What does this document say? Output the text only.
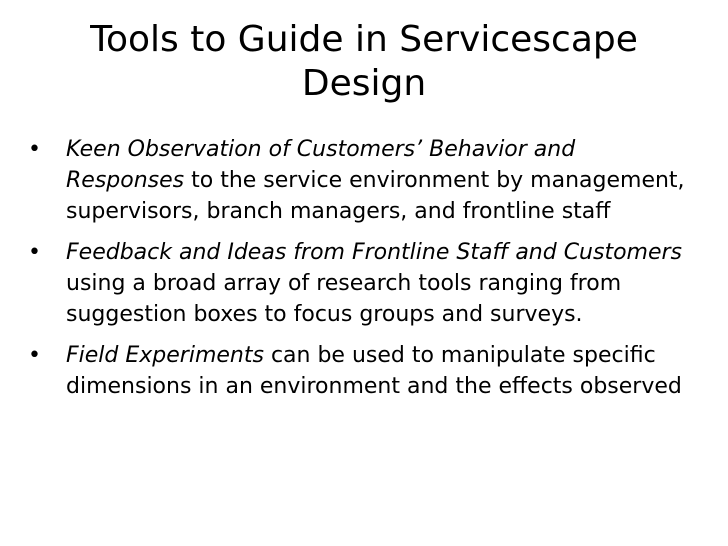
Tools to Guide in Servicescape Design
• Keen Observation of Customers’ Behavior and Responses to the service environment by management, supervisors, branch managers, and frontline staff
• Feedback and Ideas from Frontline Staff and Customers using a broad array of research tools ranging from suggestion boxes to focus groups and surveys.
• Field Experiments can be used to manipulate specific dimensions in an environment and the effects observed
